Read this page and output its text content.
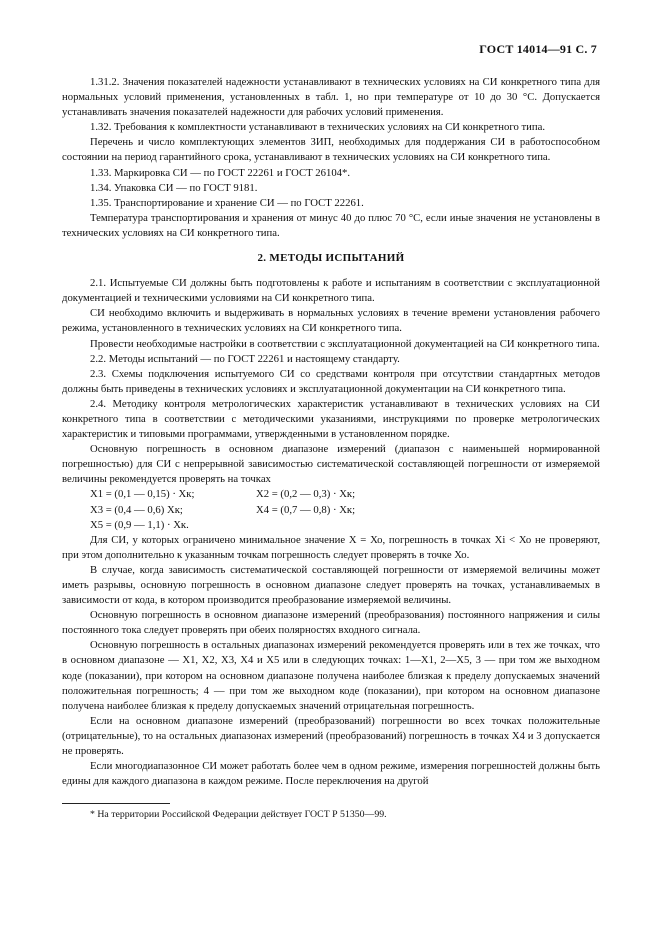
ГОСТ 14014—91 С. 7

1.31.2. Значения показателей надежности устанавливают в технических условиях на СИ конкретного типа для нормальных условий применения, установленных в табл. 1, но при температуре от 10 до 30 °С. Допускается устанавливать значения показателей надежности для рабочих условий применения.

1.32. Требования к комплектности устанавливают в технических условиях на СИ конкретного типа.

Перечень и число комплектующих элементов ЗИП, необходимых для поддержания СИ в работоспособном состоянии на период гарантийного срока, устанавливают в технических условиях на СИ конкретного типа.

1.33. Маркировка СИ — по ГОСТ 22261 и ГОСТ 26104*.

1.34. Упаковка СИ — по ГОСТ 9181.

1.35. Транспортирование и хранение СИ — по ГОСТ 22261.

Температура транспортирования и хранения от минус 40 до плюс 70 °С, если иные значения не установлены в технических условиях на СИ конкретного типа.

2. МЕТОДЫ ИСПЫТАНИЙ

2.1. Испытуемые СИ должны быть подготовлены к работе и испытаниям в соответствии с эксплуатационной документацией и техническими условиями на СИ конкретного типа.

СИ необходимо включить и выдерживать в нормальных условиях в течение времени установления рабочего режима, установленного в технических условиях на СИ конкретного типа.

Провести необходимые настройки в соответствии с эксплуатационной документацией на СИ конкретного типа.

2.2. Методы испытаний — по ГОСТ 22261 и настоящему стандарту.

2.3. Схемы подключения испытуемого СИ со средствами контроля при отсутствии стандартных методов должны быть приведены в технических условиях и эксплуатационной документации на СИ конкретного типа.

2.4. Методику контроля метрологических характеристик устанавливают в технических условиях на СИ конкретного типа в соответствии с методическими указаниями, инструкциями по проверке метрологических характеристик и типовыми программами, утвержденными в установленном порядке.

Основную погрешность в основном диапазоне измерений (диапазон с наименьшей нормированной погрешностью) для СИ с непрерывной зависимостью систематической составляющей погрешности от измеряемой величины рекомендуется проверять на точках

Х1 = (0,1 — 0,15) · Хк;	Х2 = (0,2 — 0,3) · Хк;
Х3 = (0,4 — 0,6) Хк;	Х4 = (0,7 — 0,8) · Хк;
Х5 = (0,9 — 1,1) · Хк.

Для СИ, у которых ограничено минимальное значение Х = Хо, погрешность в точках Хi < Хо не проверяют, при этом дополнительно к указанным точкам погрешность следует проверять в точке Хо.

В случае, когда зависимость систематической составляющей погрешности от измеряемой величины может иметь разрывы, основную погрешность в основном диапазоне следует проверять на точках, устанавливаемых в зависимости от кода, в котором производится преобразование измеряемой величины.

Основную погрешность в основном диапазоне измерений (преобразования) постоянного напряжения и силы постоянного тока следует проверять при обеих полярностях входного сигнала.

Основную погрешность в остальных диапазонах измерений рекомендуется проверять или в тех же точках, что в основном диапазоне — Х1, Х2, Х3, Х4 и Х5 или в следующих точках: 1—Х1, 2—Х5, 3 — при том же выходном коде (показании), при котором на основном диапазоне получена наиболее близкая к пределу допускаемых значений положительная погрешность; 4 — при том же выходном коде (показании), при котором на основном диапазоне получена наиболее близкая к пределу допускаемых значений отрицательная погрешность.

Если на основном диапазоне измерений (преобразований) погрешности во всех точках положительные (отрицательные), то на остальных диапазонах измерений (преобразований) погрешность в точках Х4 и 3 допускается не проверять.

Если многодиапазонное СИ может работать более чем в одном режиме, измерения погрешностей должны быть едины для каждого диапазона в каждом режиме. После переключения на другой

* На территории Российской Федерации действует ГОСТ Р 51350—99.
